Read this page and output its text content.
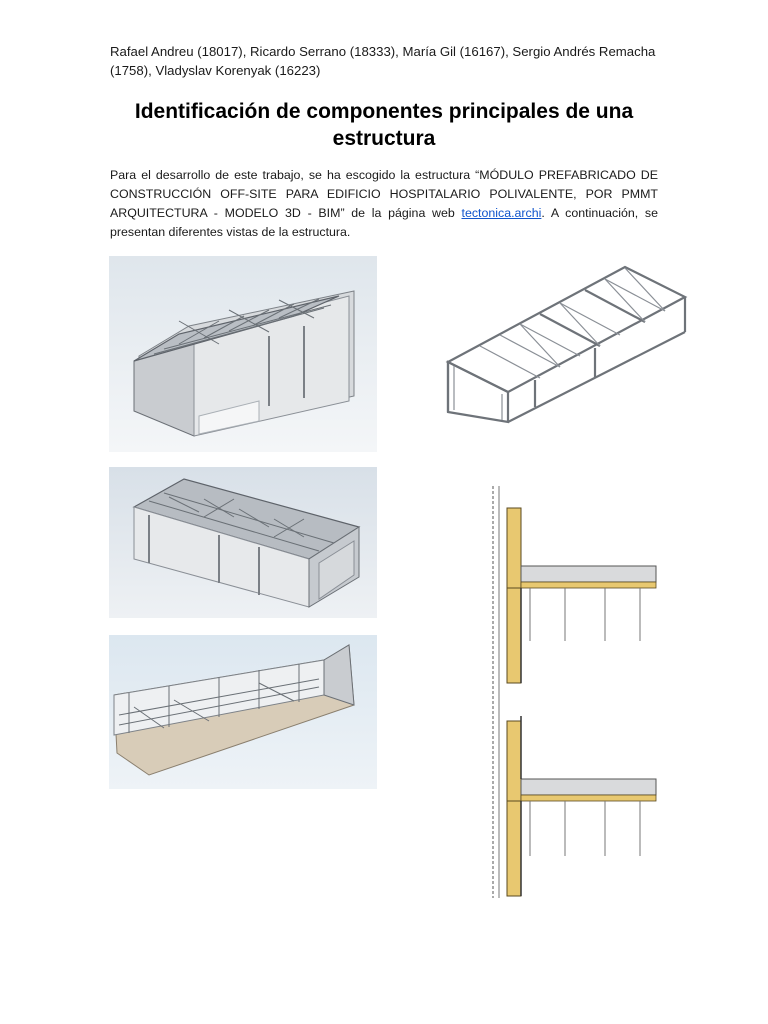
Rafael Andreu (18017), Ricardo Serrano (18333), María Gil (16167), Sergio Andrés Remacha (1758), Vladyslav Korenyak (16223)
Identificación de componentes principales de una estructura
Para el desarrollo de este trabajo, se ha escogido la estructura “MÓDULO PREFABRICADO DE CONSTRUCCIÓN OFF-SITE PARA EDIFICIO HOSPITALARIO POLIVALENTE, POR PMMT ARQUITECTURA - MODELO 3D - BIM” de la página web tectonica.archi. A continuación, se presentan diferentes vistas de la estructura.
